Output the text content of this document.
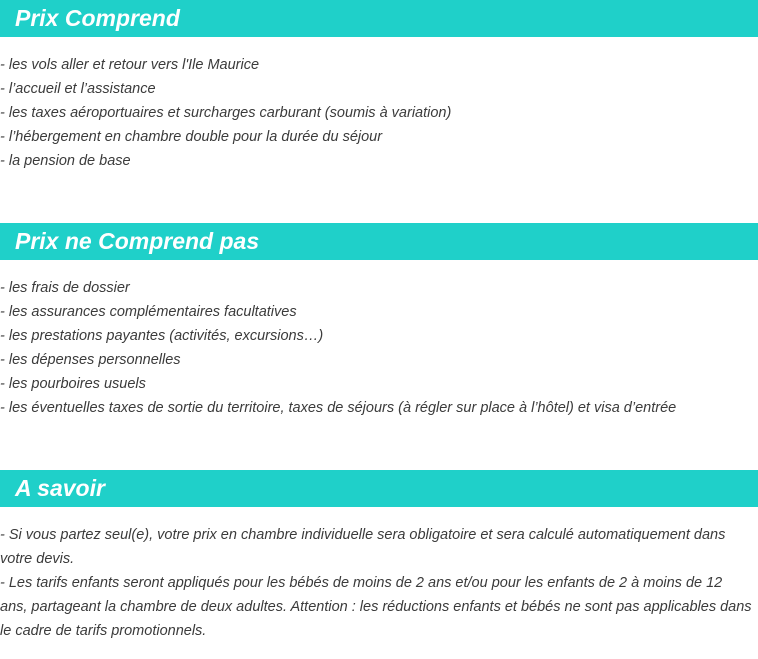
Prix Comprend
- les vols aller et retour vers l'Ile Maurice
- l’accueil et l’assistance
- les taxes aéroportuaires et surcharges carburant (soumis à variation)
- l’hébergement en chambre double pour la durée du séjour
- la pension de base
Prix ne Comprend pas
- les frais de dossier
- les assurances complémentaires facultatives
- les prestations payantes (activités, excursions…)
- les dépenses personnelles
- les pourboires usuels
- les éventuelles taxes de sortie du territoire, taxes de séjours (à régler sur place à l’hôtel) et visa d’entrée
A savoir

- Si vous partez seul(e), votre prix en chambre individuelle sera obligatoire et sera calculé automatiquement dans votre devis.

- Les tarifs enfants seront appliqués pour les bébés de moins de 2 ans et/ou pour les enfants de 2 à moins de 12 ans, partageant la chambre de deux adultes. Attention : les réductions enfants et bébés ne sont pas applicables dans le cadre de tarifs promotionnels.
